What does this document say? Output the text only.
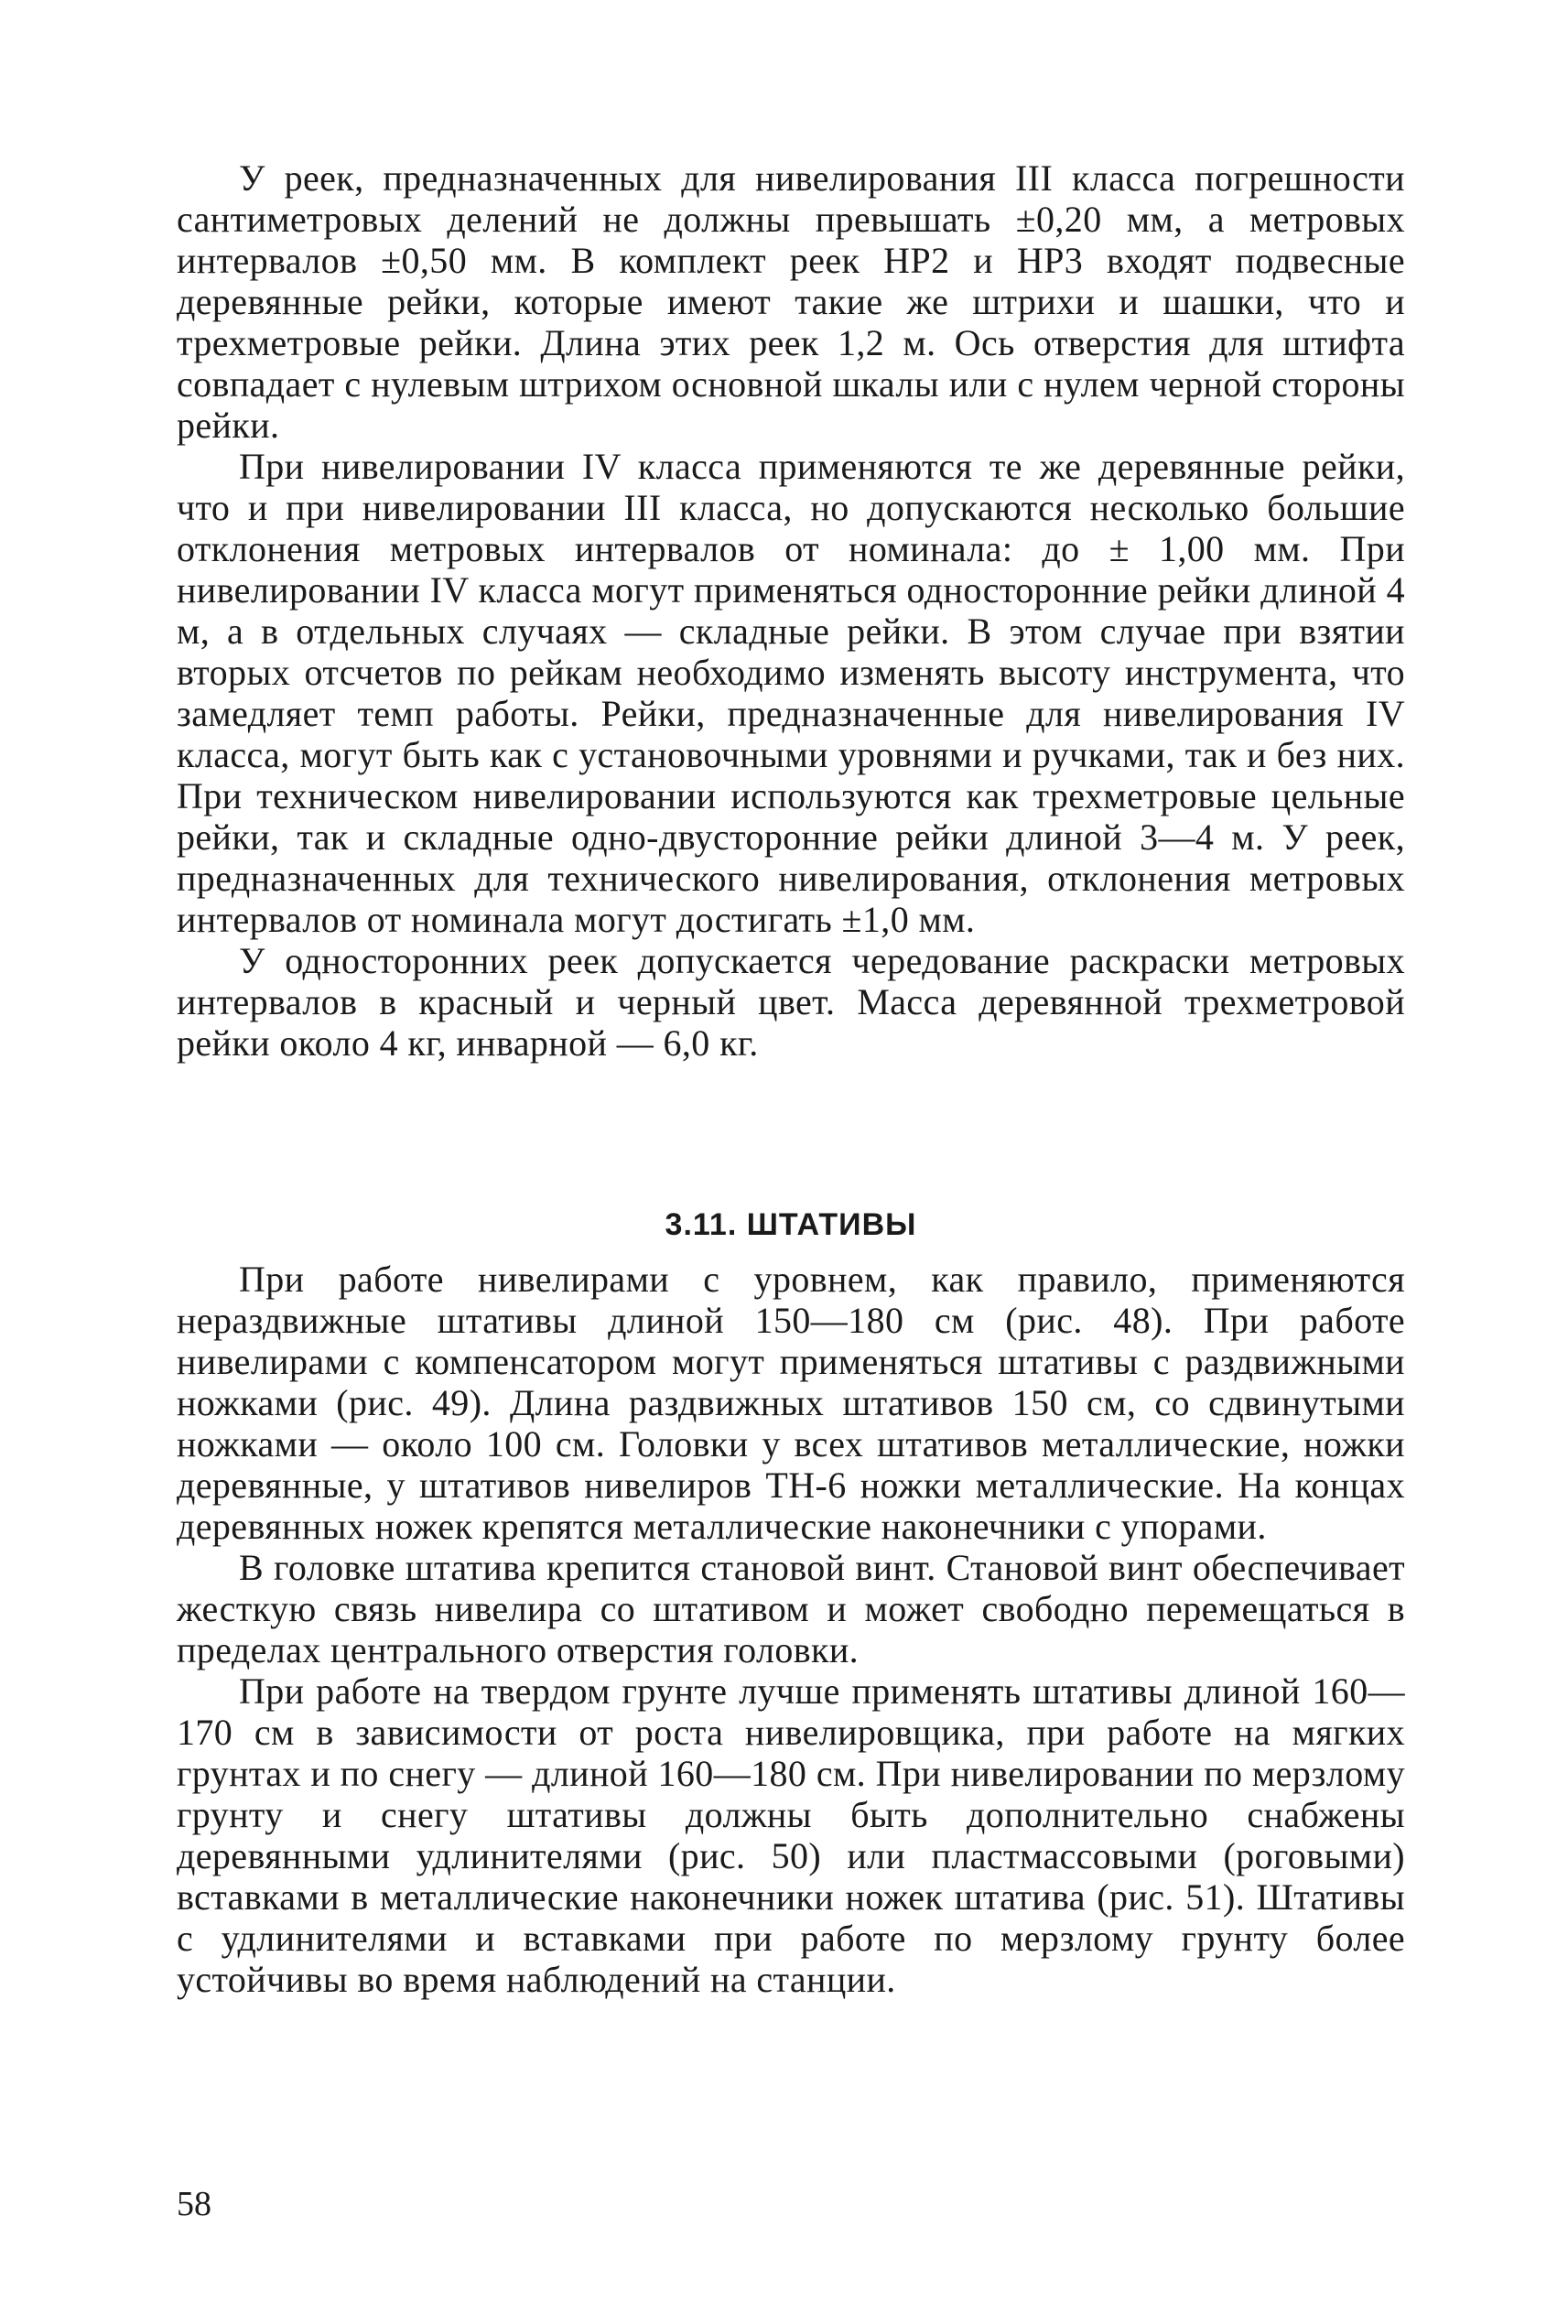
У реек, предназначенных для нивелирования III класса погрешности сантиметровых делений не должны превышать ±0,20 мм, а метровых интервалов ±0,50 мм. В комплект реек НР2 и НР3 входят подвесные деревянные рейки, которые имеют такие же штрихи и шашки, что и трехметровые рейки. Длина этих реек 1,2 м. Ось отверстия для штифта совпадает с нулевым штрихом основной шкалы или с нулем черной стороны рейки.

При нивелировании IV класса применяются те же деревянные рейки, что и при нивелировании III класса, но допускаются несколько большие отклонения метровых интервалов от номинала: до ± 1,00 мм. При нивелировании IV класса могут применяться односторонние рейки длиной 4 м, а в отдельных случаях — складные рейки. В этом случае при взятии вторых отсчетов по рейкам необходимо изменять высоту инструмента, что замедляет темп работы. Рейки, предназначенные для нивелирования IV класса, могут быть как с установочными уровнями и ручками, так и без них. При техническом нивелировании используются как трехметровые цельные рейки, так и складные одно-двусторонние рейки длиной 3—4 м. У реек, предназначенных для технического нивелирования, отклонения метровых интервалов от номинала могут достигать ±1,0 мм.

У односторонних реек допускается чередование раскраски метровых интервалов в красный и черный цвет. Масса деревянной трехметровой рейки около 4 кг, инварной — 6,0 кг.

3.11. ШТАТИВЫ

При работе нивелирами с уровнем, как правило, применяются нераздвижные штативы длиной 150—180 см (рис. 48). При работе нивелирами с компенсатором могут применяться штативы с раздвижными ножками (рис. 49). Длина раздвижных штативов 150 см, со сдвинутыми ножками — около 100 см. Головки у всех штативов металлические, ножки деревянные, у штативов нивелиров ТН-6 ножки металлические. На концах деревянных ножек крепятся металлические наконечники с упорами.

В головке штатива крепится становой винт. Становой винт обеспечивает жесткую связь нивелира со штативом и может свободно перемещаться в пределах центрального отверстия головки.

При работе на твердом грунте лучше применять штативы длиной 160—170 см в зависимости от роста нивелировщика, при работе на мягких грунтах и по снегу — длиной 160—180 см. При нивелировании по мерзлому грунту и снегу штативы должны быть дополнительно снабжены деревянными удлинителями (рис. 50) или пластмассовыми (роговыми) вставками в металлические наконечники ножек штатива (рис. 51). Штативы с удлинителями и вставками при работе по мерзлому грунту более устойчивы во время наблюдений на станции.

58
